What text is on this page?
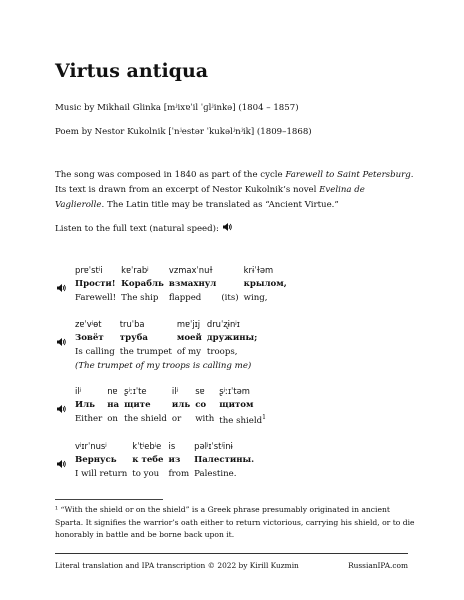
Virtus antiqua
Music by Mikhail Glinka [mʲixɐˈil ˈɡlʲinkə] (1804 – 1857)
Poem by Nestor Kukolnik [ˈnʲestər ˈkukəlʲnʲik] (1809–1868)
The song was composed in 1840 as part of the cycle Farewell to Saint Petersburg. Its text is drawn from an excerpt of Nestor Kukolnik’s novel Evelina de Vaglierolle. The Latin title may be translated as “Ancient Virtue.”
Listen to the full text (natural speed):
prɐˈstʲi	kɐˈrabʲ	vzmaxˈnuɫ		krɨˈɫəm
Прости!	Корабль	взмахнул		крылом,
Farewell!	The ship	flapped	(its)	wing,
zɐˈvʲɵt	truˈba	mɐˈjɪj	druˈʐɨnʲɪ
Зовёт	труба	моей	дружины;
Is calling	the trumpet	of my	troops,
(The trumpet of my troops is calling me)
ilʲ	nɐ	ʂʲːɪˈte	ilʲ	sɐ	ʂʲːɪˈtəm
Иль	на	щите	иль	со	щитом
Either	on	the shield	or	with	the shield$^1$
vʲɪrˈnusʲ	kˈtʲebʲe	is	pəlʲɪˈstʲinɨ
Вернусь	к тебе	из	Палестины.
I will return	to you	from	Palestine.
¹ “With the shield or on the shield” is a Greek phrase presumably originated in ancient Sparta. It signifies the warrior’s oath either to return victorious, carrying his shield, or to die honorably in battle and be borne back upon it.
Literal translation and IPA transcription © 2022 by Kirill Kuzmin	RussianIPA.com
